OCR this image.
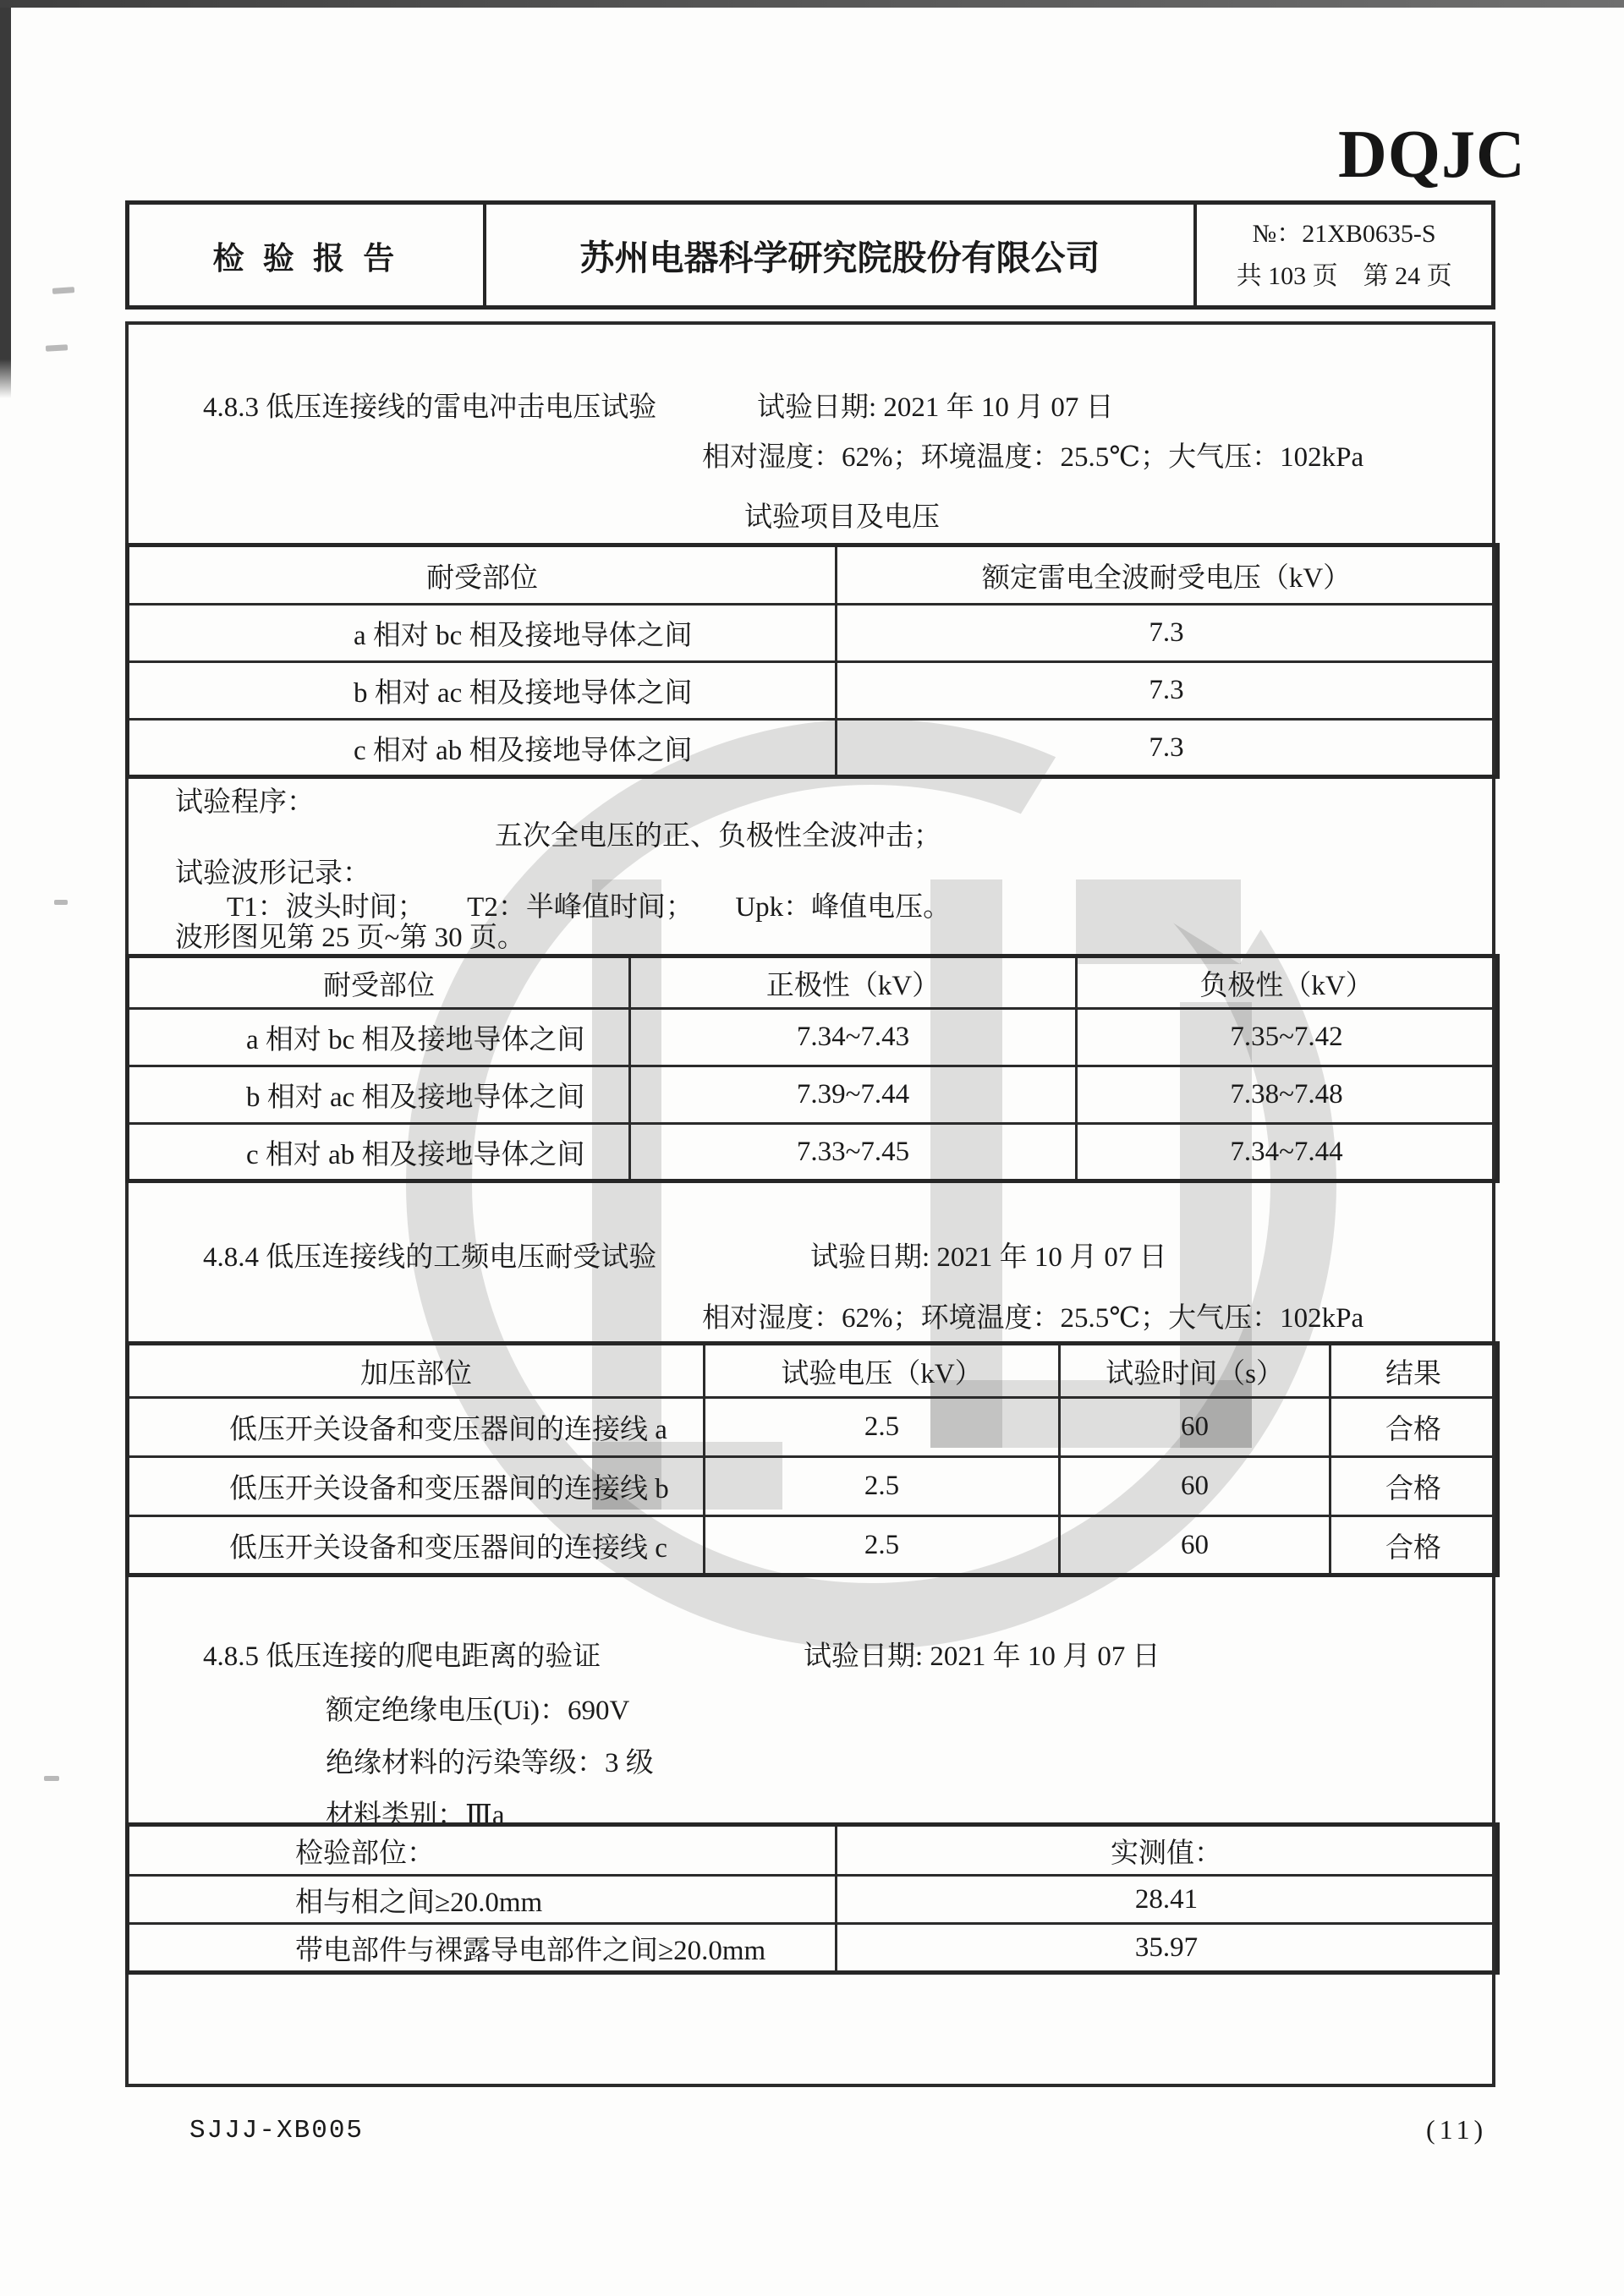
DQJC
检 验 报 告	苏州电器科学研究院股份有限公司
№：21XB0635-S
共 103 页　第 24 页
4.8.3 低压连接线的雷电冲击电压试验	试验日期: 2021 年 10 月 07 日
相对湿度：62%；环境温度：25.5℃；大气压：102kPa
试验项目及电压
耐受部位	额定雷电全波耐受电压（kV）
a 相对 bc 相及接地导体之间	7.3
b 相对 ac 相及接地导体之间	7.3
c 相对 ab 相及接地导体之间	7.3
试验程序：
五次全电压的正、负极性全波冲击；
试验波形记录：
T1：波头时间；　　T2：半峰值时间；　　Upk：峰值电压。
波形图见第 25 页~第 30 页。
耐受部位	正极性（kV）	负极性（kV）
a 相对 bc 相及接地导体之间	7.34~7.43	7.35~7.42
b 相对 ac 相及接地导体之间	7.39~7.44	7.38~7.48
c 相对 ab 相及接地导体之间	7.33~7.45	7.34~7.44
4.8.4 低压连接线的工频电压耐受试验	试验日期: 2021 年 10 月 07 日
相对湿度：62%；环境温度：25.5℃；大气压：102kPa
加压部位	试验电压（kV）	试验时间（s）	结果
低压开关设备和变压器间的连接线 a	2.5	60	合格
低压开关设备和变压器间的连接线 b	2.5	60	合格
低压开关设备和变压器间的连接线 c	2.5	60	合格
4.8.5 低压连接的爬电距离的验证	试验日期: 2021 年 10 月 07 日
额定绝缘电压(Ui)：690V
绝缘材料的污染等级：3 级
材料类别：Ⅲa
检验部位：	实测值：
相与相之间≥20.0mm	28.41
带电部件与裸露导电部件之间≥20.0mm	35.97
SJJJ-XB005	(11)
